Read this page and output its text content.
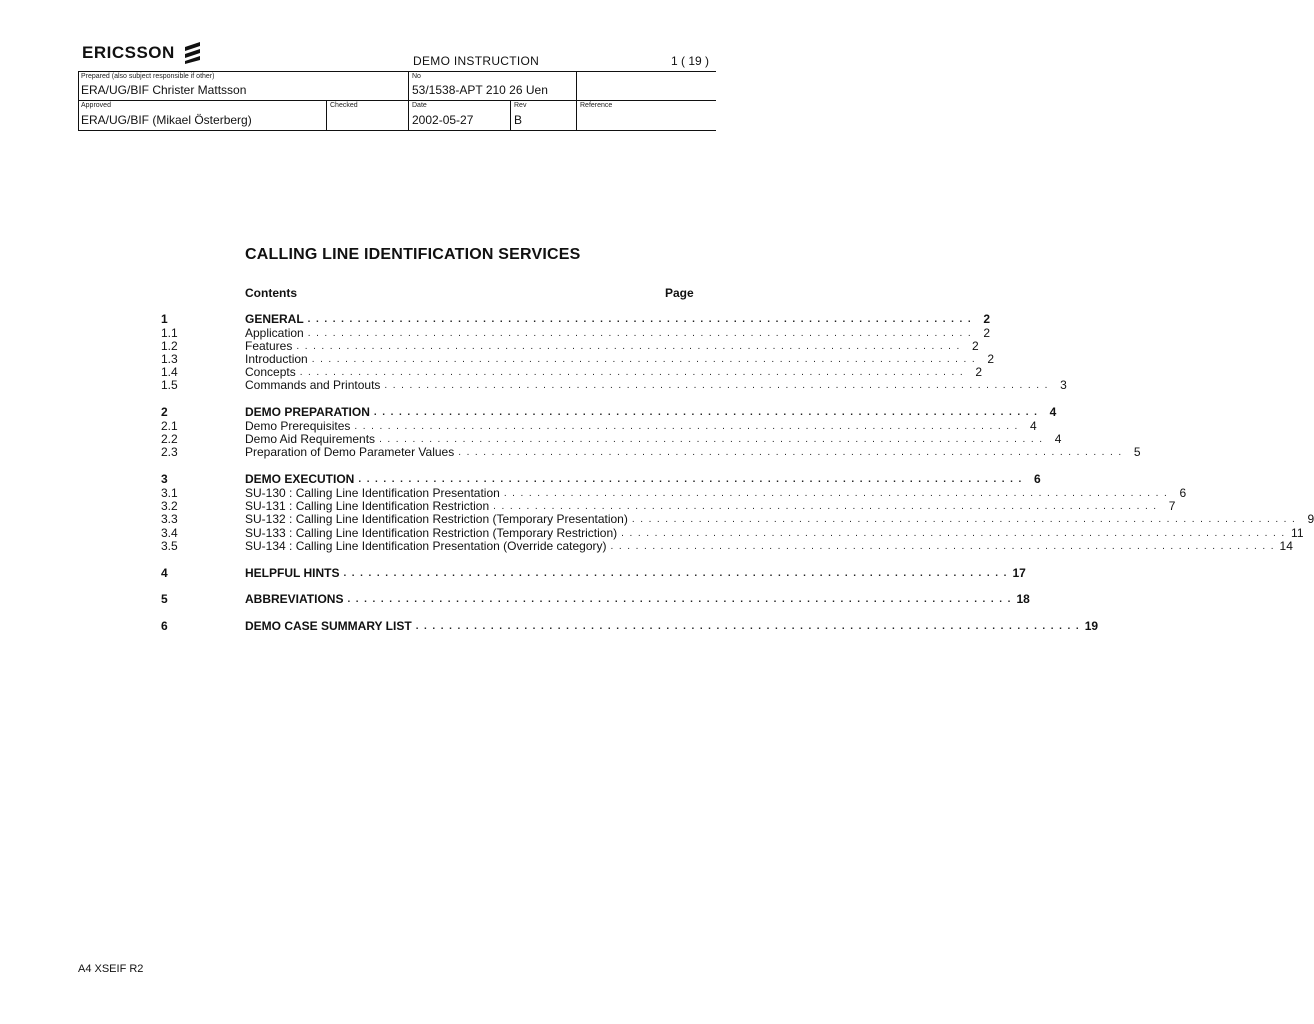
ERICSSON	DEMO INSTRUCTION	1 ( 19 )
Prepared (also subject responsible if other)
ERA/UG/BIF Christer Mattsson
No
53/1538-APT 210 26 Uen
Approved
ERA/UG/BIF (Mikael Österberg)
Checked	Date
2002-05-27
Rev
B
Reference
CALLING LINE IDENTIFICATION SERVICES
Contents	Page
1	GENERAL . . . . . . . . . . . . . . . . . . . . . . . . . . . . . . . . . . . . . . . . . . . . . . . . . . . . . . . . . . . . . . . . . . . . . . . . . . . . . . . . 2
1.1	Application . . . . . . . . . . . . . . . . . . . . . . . . . . . . . . . . . . . . . . . . . . . . . . . . . . . . . . . . . . . . . . . . . . . . . . . . . . . . . . . . 2
1.2	Features . . . . . . . . . . . . . . . . . . . . . . . . . . . . . . . . . . . . . . . . . . . . . . . . . . . . . . . . . . . . . . . . . . . . . . . . . . . . . . . . 2
1.3	Introduction . . . . . . . . . . . . . . . . . . . . . . . . . . . . . . . . . . . . . . . . . . . . . . . . . . . . . . . . . . . . . . . . . . . . . . . . . . . . . . . . 2
1.4	Concepts . . . . . . . . . . . . . . . . . . . . . . . . . . . . . . . . . . . . . . . . . . . . . . . . . . . . . . . . . . . . . . . . . . . . . . . . . . . . . . . . 2
1.5	Commands and Printouts . . . . . . . . . . . . . . . . . . . . . . . . . . . . . . . . . . . . . . . . . . . . . . . . . . . . . . . . . . . . . . . . . . . . . . . . . . . . . . . . 3
2	DEMO PREPARATION . . . . . . . . . . . . . . . . . . . . . . . . . . . . . . . . . . . . . . . . . . . . . . . . . . . . . . . . . . . . . . . . . . . . . . . . . . . . . . . . 4
2.1	Demo Prerequisites . . . . . . . . . . . . . . . . . . . . . . . . . . . . . . . . . . . . . . . . . . . . . . . . . . . . . . . . . . . . . . . . . . . . . . . . . . . . . . . . 4
2.2	Demo Aid Requirements . . . . . . . . . . . . . . . . . . . . . . . . . . . . . . . . . . . . . . . . . . . . . . . . . . . . . . . . . . . . . . . . . . . . . . . . . . . . . . . . 4
2.3	Preparation of Demo Parameter Values . . . . . . . . . . . . . . . . . . . . . . . . . . . . . . . . . . . . . . . . . . . . . . . . . . . . . . . . . . . . . . . . . . . . . . . . . . . . . . . . 5
3	DEMO EXECUTION . . . . . . . . . . . . . . . . . . . . . . . . . . . . . . . . . . . . . . . . . . . . . . . . . . . . . . . . . . . . . . . . . . . . . . . . . . . . . . . . 6
3.1	SU-130 : Calling Line Identification Presentation . . . . . . . . . . . . . . . . . . . . . . . . . . . . . . . . . . . . . . . . . . . . . . . . . . . . . . . . . . . . . . . . . . . . . . . . . . . . . . . . 6
3.2	SU-131 : Calling Line Identification Restriction . . . . . . . . . . . . . . . . . . . . . . . . . . . . . . . . . . . . . . . . . . . . . . . . . . . . . . . . . . . . . . . . . . . . . . . . . . . . . . . . 7
3.3	SU-132 : Calling Line Identification Restriction (Temporary Presentation) . . . . . . . . . . . . . . . . . . . . . . . . . . . . . . . . . . . . . . . . . . . . . . . . . . . . . . . . . . . . . . . . . . . . . . . . . . . . . . . . 9
3.4	SU-133 : Calling Line Identification Restriction (Temporary Restriction) . . . . . . . . . . . . . . . . . . . . . . . . . . . . . . . . . . . . . . . . . . . . . . . . . . . . . . . . . . . . . . . . . . . . . . . . . . . . . . . . 11
3.5	SU-134 : Calling Line Identification Presentation (Override category) . . . . . . . . . . . . . . . . . . . . . . . . . . . . . . . . . . . . . . . . . . . . . . . . . . . . . . . . . . . . . . . . . . . . . . . . . . . . . . . . 14
4	HELPFUL HINTS . . . . . . . . . . . . . . . . . . . . . . . . . . . . . . . . . . . . . . . . . . . . . . . . . . . . . . . . . . . . . . . . . . . . . . . . . . . . . . . . 17
5	ABBREVIATIONS . . . . . . . . . . . . . . . . . . . . . . . . . . . . . . . . . . . . . . . . . . . . . . . . . . . . . . . . . . . . . . . . . . . . . . . . . . . . . . . . 18
6	DEMO CASE SUMMARY LIST . . . . . . . . . . . . . . . . . . . . . . . . . . . . . . . . . . . . . . . . . . . . . . . . . . . . . . . . . . . . . . . . . . . . . . . . . . . . . . . . 19
A4 XSEIF R2
